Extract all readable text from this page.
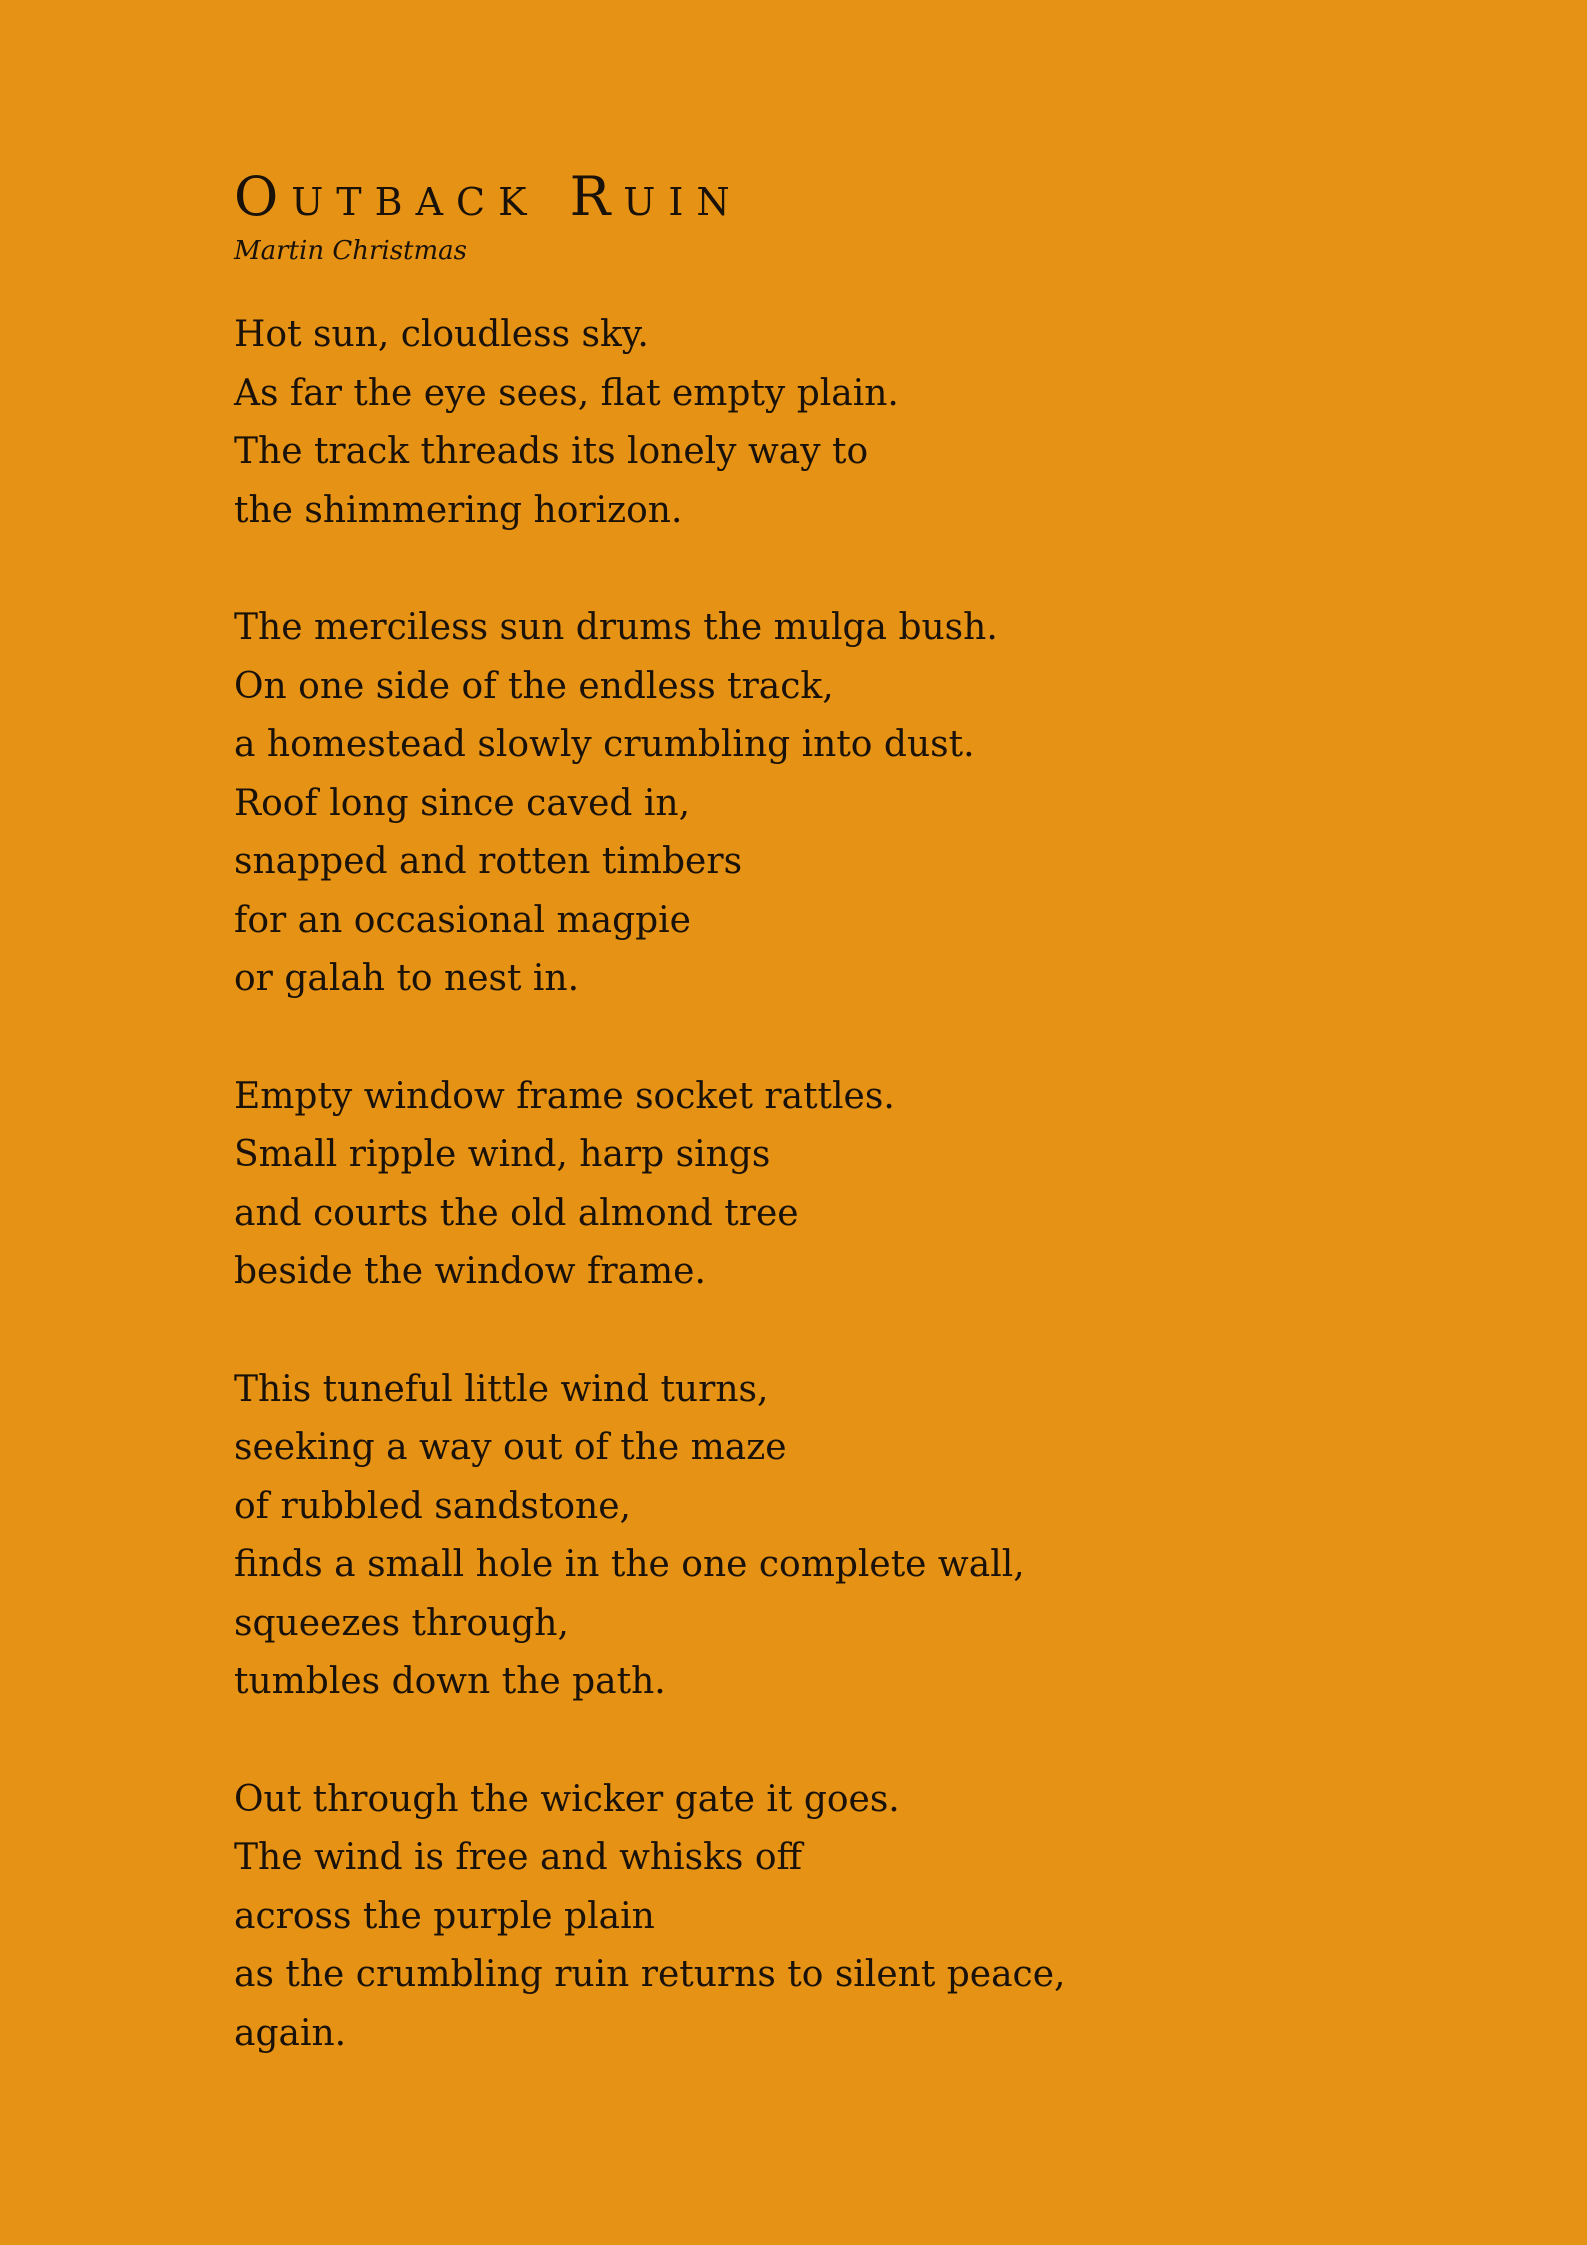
Outback Ruin

Martin Christmas

Hot sun, cloudless sky.
As far the eye sees, flat empty plain.
The track threads its lonely way to
the shimmering horizon.
The merciless sun drums the mulga bush.
On one side of the endless track,
a homestead slowly crumbling into dust.
Roof long since caved in,
snapped and rotten timbers
for an occasional magpie
or galah to nest in.
Empty window frame socket rattles.
Small ripple wind, harp sings
and courts the old almond tree
beside the window frame.
This tuneful little wind turns,
seeking a way out of the maze
of rubbled sandstone,
finds a small hole in the one complete wall,
squeezes through,
tumbles down the path.
Out through the wicker gate it goes.
The wind is free and whisks off
across the purple plain
as the crumbling ruin returns to silent peace,
again.
